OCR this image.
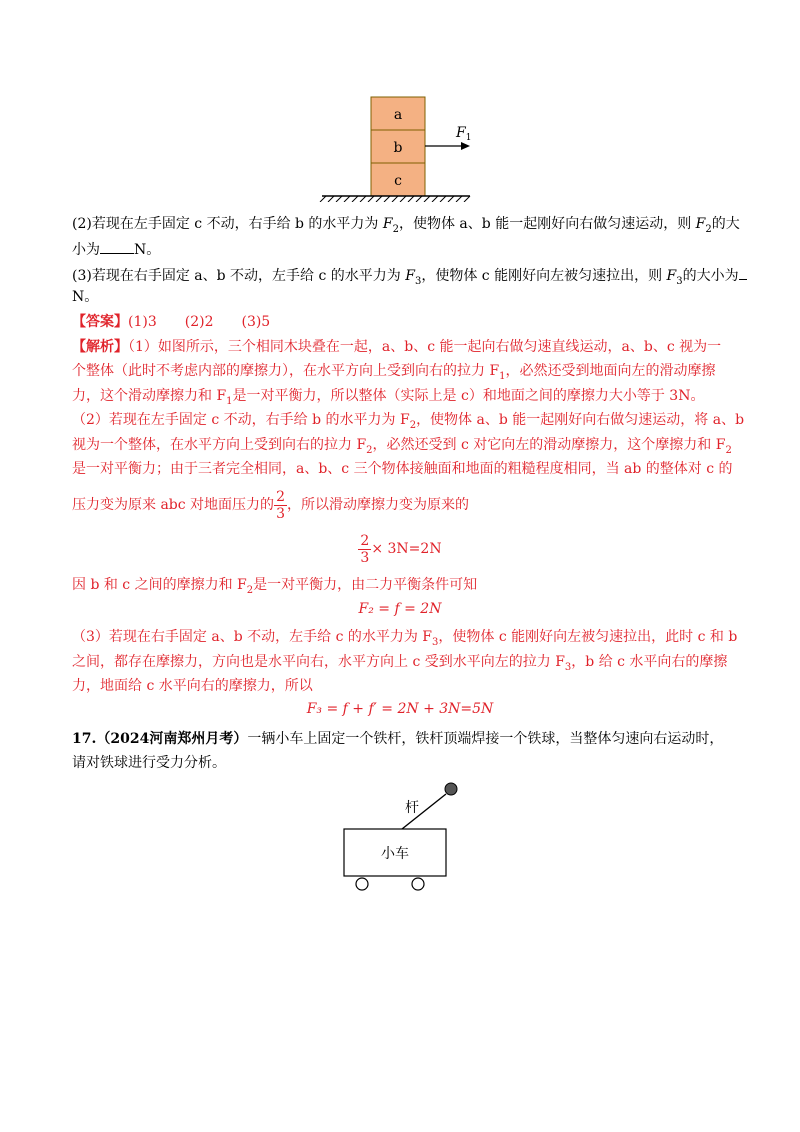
a
b
c
$F_1$
(2)若现在左手固定 c 不动，右手给 b 的水平力为 $F_2$，使物体 a、b 能一起刚好向右做匀速运动，则 $F_2$的大
小为 N。
(3)若现在右手固定 a、b 不动，左手给 c 的水平力为 $F_3$，使物体 c 能刚好向左被匀速拉出，则 $F_3$的大小为
N。
【答案】(1)3　　(2)2　　(3)5
【解析】（1）如图所示，三个相同木块叠在一起，a、b、c 能一起向右做匀速直线运动，a、b、c 视为一
个整体（此时不考虑内部的摩擦力），在水平方向上受到向右的拉力 $F_1$，必然还受到地面向左的滑动摩擦
力，这个滑动摩擦力和 $F_1$是一对平衡力，所以整体（实际上是 c）和地面之间的摩擦力大小等于 3N。
（2）若现在左手固定 c 不动，右手给 b 的水平力为 $F_2$，使物体 a、b 能一起刚好向右做匀速运动，将 a、b
视为一个整体，在水平方向上受到向右的拉力 $F_2$，必然还受到 c 对它向左的滑动摩擦力，这个摩擦力和 $F_2$
是一对平衡力；由于三者完全相同，a、b、c 三个物体接触面和地面的粗糙程度相同，当 ab 的整体对 c 的
压力变为原来 abc 对地面压力的 $\frac{2}{3}$ ，所以滑动摩擦力变为原来的
$\frac{2}{3} \times 3N=2N$
因 b 和 c 之间的摩擦力和 $F_2$是一对平衡力，由二力平衡条件可知
F₂ = f = 2N
（3）若现在右手固定 a、b 不动，左手给 c 的水平力为 $F_3$，使物体 c 能刚好向左被匀速拉出，此时 c 和 b
之间，都存在摩擦力，方向也是水平向右，水平方向上 c 受到水平向左的拉力 $F_3$，b 给 c 水平向右的摩擦
力，地面给 c 水平向右的摩擦力，所以
F₃ = f + f′ = 2N + 3N=5N
17.（2024河南郑州月考）一辆小车上固定一个铁杆，铁杆顶端焊接一个铁球，当整体匀速向右运动时，
请对铁球进行受力分析。
杆
小车
